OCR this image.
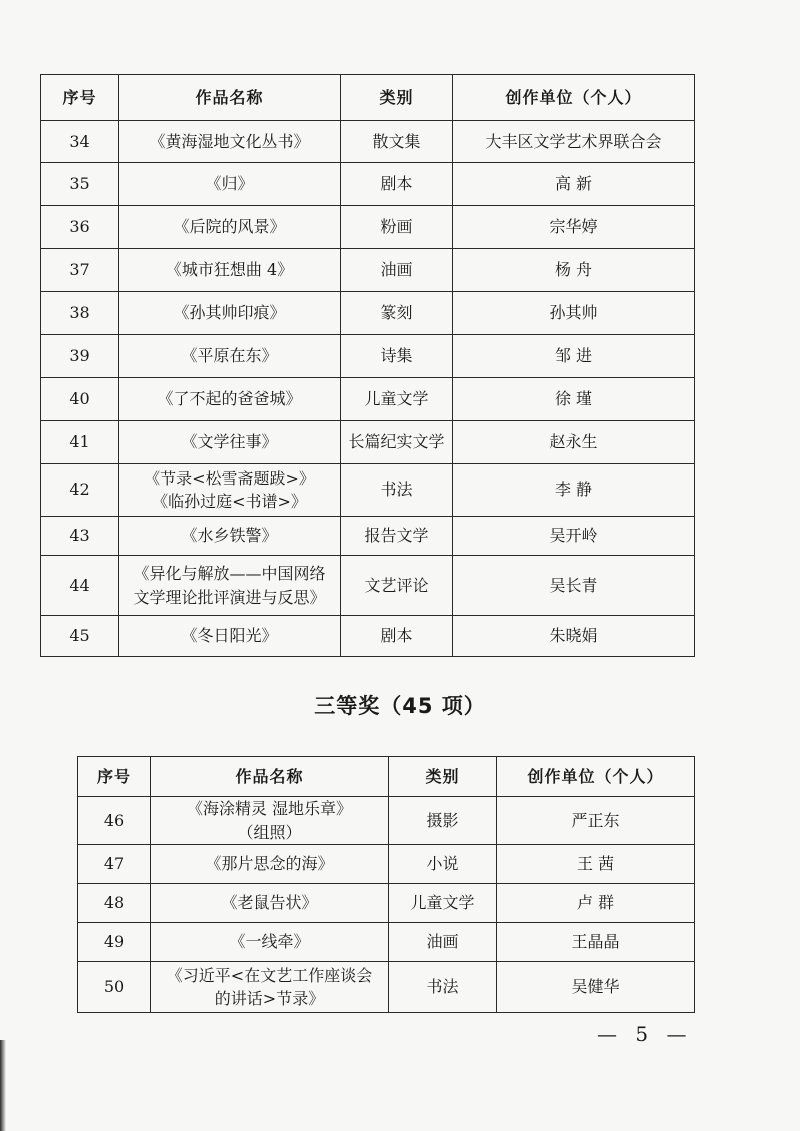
序号	作品名称	类别	创作单位（个人）
34	《黄海湿地文化丛书》	散文集	大丰区文学艺术界联合会
35	《归》	剧本	高 新
36	《后院的风景》	粉画	宗华婷
37	《城市狂想曲 4》	油画	杨 舟
38	《孙其帅印痕》	篆刻	孙其帅
39	《平原在东》	诗集	邹 进
40	《了不起的爸爸城》	儿童文学	徐 瑾
41	《文学往事》	长篇纪实文学	赵永生
42	《节录<松雪斋题跋>》
《临孙过庭<书谱>》	书法	李 静
43	《水乡铁警》	报告文学	吴开岭
44	《异化与解放——中国网络
文学理论批评演进与反思》	文艺评论	吴长青
45	《冬日阳光》	剧本	朱晓娟
三等奖（45 项）
序号	作品名称	类别	创作单位（个人）
46	《海涂精灵 湿地乐章》
（组照）	摄影	严正东
47	《那片思念的海》	小说	王 茜
48	《老鼠告状》	儿童文学	卢 群
49	《一线牵》	油画	王晶晶
50	《习近平<在文艺工作座谈会
的讲话>节录》	书法	吴健华
— 5 —
